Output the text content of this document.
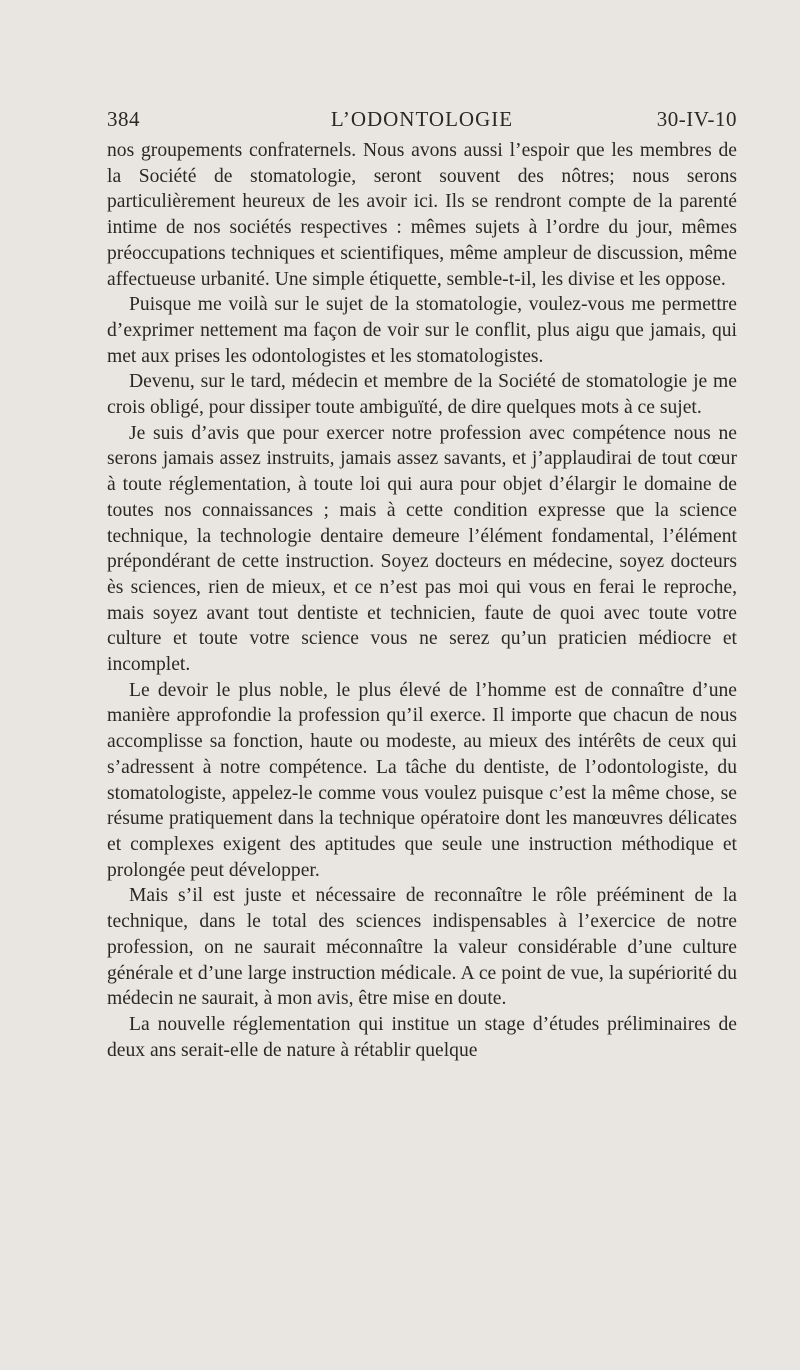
384	L’ODONTOLOGIE	30-IV-10

nos groupements confraternels. Nous avons aussi l’espoir que les membres de la Société de stomatologie, seront souvent des nôtres; nous serons particulièrement heureux de les avoir ici. Ils se rendront compte de la parenté intime de nos sociétés respectives : mêmes sujets à l’ordre du jour, mêmes préoccupations techniques et scientifiques, même ampleur de discussion, même affectueuse urbanité. Une simple étiquette, semble-t-il, les divise et les oppose.

Puisque me voilà sur le sujet de la stomatologie, voulez-vous me permettre d’exprimer nettement ma façon de voir sur le conflit, plus aigu que jamais, qui met aux prises les odontologistes et les stomatologistes.

Devenu, sur le tard, médecin et membre de la Société de stomatologie je me crois obligé, pour dissiper toute ambiguïté, de dire quelques mots à ce sujet.

Je suis d’avis que pour exercer notre profession avec compétence nous ne serons jamais assez instruits, jamais assez savants, et j’applaudirai de tout cœur à toute réglementation, à toute loi qui aura pour objet d’élargir le domaine de toutes nos connaissances ; mais à cette condition expresse que la science technique, la technologie dentaire demeure l’élément fondamental, l’élément prépondérant de cette instruction. Soyez docteurs en médecine, soyez docteurs ès sciences, rien de mieux, et ce n’est pas moi qui vous en ferai le reproche, mais soyez avant tout dentiste et technicien, faute de quoi avec toute votre culture et toute votre science vous ne serez qu’un praticien médiocre et incomplet.

Le devoir le plus noble, le plus élevé de l’homme est de connaître d’une manière approfondie la profession qu’il exerce. Il importe que chacun de nous accomplisse sa fonction, haute ou modeste, au mieux des intérêts de ceux qui s’adressent à notre compétence. La tâche du dentiste, de l’odontologiste, du stomatologiste, appelez-le comme vous voulez puisque c’est la même chose, se résume pratiquement dans la technique opératoire dont les manœuvres délicates et complexes exigent des aptitudes que seule une instruction méthodique et prolongée peut développer.

Mais s’il est juste et nécessaire de reconnaître le rôle prééminent de la technique, dans le total des sciences indispensables à l’exercice de notre profession, on ne saurait méconnaître la valeur considérable d’une culture générale et d’une large instruction médicale. A ce point de vue, la supériorité du médecin ne saurait, à mon avis, être mise en doute.

La nouvelle réglementation qui institue un stage d’études préliminaires de deux ans serait-elle de nature à rétablir quelque
